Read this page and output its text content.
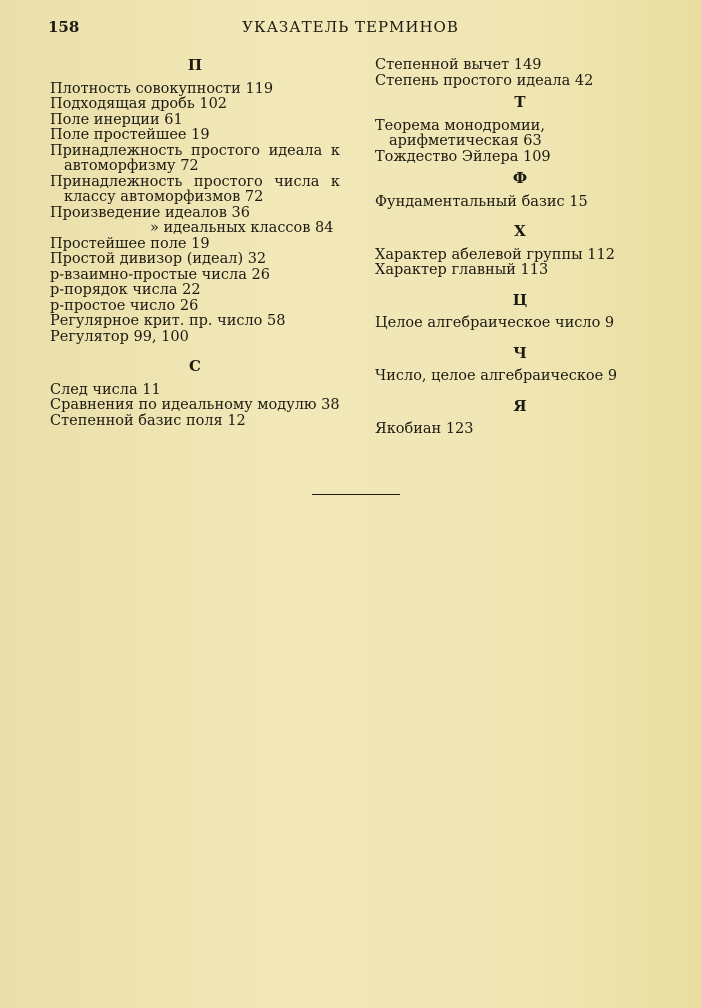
158	УКАЗАТЕЛЬ ТЕРМИНОВ
П
Плотность совокупности 119
Подходящая дробь 102
Поле инерции 61
Поле простейшее 19
Принадлежность простого идеала к автоморфизму 72
Принадлежность простого числа к классу автоморфизмов 72
Произведение идеалов 36
» идеальных классов 84
Простейшее поле 19
Простой дивизор (идеал) 32
p-взаимно-простые числа 26
p-порядок числа 22
p-простое число 26
Регулярное крит. пр. число 58
Регулятор 99, 100
С
След числа 11
Сравнения по идеальному модулю 38
Степенной базис поля 12
Степенной вычет 149
Степень простого идеала 42
Т
Теорема монодромии, арифметическая 63
Тождество Эйлера 109
Ф
Фундаментальный базис 15
Х
Характер абелевой группы 112
Характер главный 113
Ц
Целое алгебраическое число 9
Ч
Число, целое алгебраическое 9
Я
Якобиан 123
